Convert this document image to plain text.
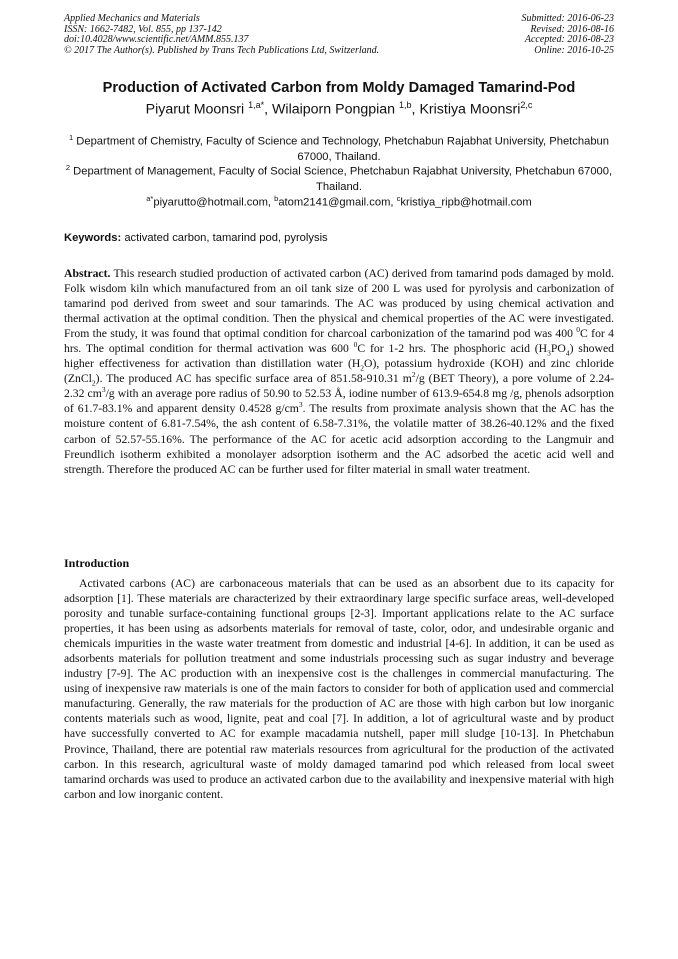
Applied Mechanics and Materials
ISSN: 1662-7482, Vol. 855, pp 137-142
doi:10.4028/www.scientific.net/AMM.855.137
© 2017 The Author(s). Published by Trans Tech Publications Ltd, Switzerland.
Submitted: 2016-06-23
Revised: 2016-08-16
Accepted: 2016-08-23
Online: 2016-10-25
Production of Activated Carbon from Moldy Damaged Tamarind-Pod
Piyarut Moonsri $^{1,a*}$, Wilaiporn Pongpian $^{1,b}$, Kristiya Moonsri$^{2,c}$
$^1$ Department of Chemistry, Faculty of Science and Technology, Phetchabun Rajabhat University, Phetchabun 67000, Thailand.
$^2$ Department of Management, Faculty of Social Science, Phetchabun Rajabhat University, Phetchabun 67000, Thailand.
$^{a*}$piyarutto@hotmail.com, $^b$atom2141@gmail.com, $^c$kristiya_ripb@hotmail.com
Keywords: activated carbon, tamarind pod, pyrolysis
Abstract. This research studied production of activated carbon (AC) derived from tamarind pods damaged by mold. Folk wisdom kiln which manufactured from an oil tank size of 200 L was used for pyrolysis and carbonization of tamarind pod derived from sweet and sour tamarinds. The AC was produced by using chemical activation and thermal activation at the optimal condition. Then the physical and chemical properties of the AC were investigated. From the study, it was found that optimal condition for charcoal carbonization of the tamarind pod was 400 $^0$C for 4 hrs. The optimal condition for thermal activation was 600 $^0$C for 1-2 hrs. The phosphoric acid $(H_3PO_4)$ showed higher effectiveness for activation than distillation water $(H_2O)$, potassium hydroxide (KOH) and zinc chloride (ZnCl$_2$). The produced AC has specific surface area of 851.58-910.31 $m^2/g$ (BET Theory), a pore volume of 2.24-2.32 $cm^3/g$ with an average pore radius of 50.90 to 52.53 Å, iodine number of 613.9-654.8 mg /g, phenols adsorption of 61.7-83.1% and apparent density 0.4528 $g/cm^3$. The results from proximate analysis shown that the AC has the moisture content of 6.81-7.54%, the ash content of 6.58-7.31%, the volatile matter of 38.26-40.12% and the fixed carbon of 52.57-55.16%. The performance of the AC for acetic acid adsorption according to the Langmuir and Freundlich isotherm exhibited a monolayer adsorption isotherm and the AC adsorbed the acetic acid well and strength. Therefore the produced AC can be further used for filter material in small water treatment.
Introduction
Activated carbons (AC) are carbonaceous materials that can be used as an absorbent due to its capacity for adsorption [1]. These materials are characterized by their extraordinary large specific surface areas, well-developed porosity and tunable surface-containing functional groups [2-3]. Important applications relate to the AC surface properties, it has been using as adsorbents materials for removal of taste, color, odor, and undesirable organic and chemicals impurities in the waste water treatment from domestic and industrial [4-6]. In addition, it can be used as adsorbents materials for pollution treatment and some industrials processing such as sugar industry and beverage industry [7-9]. The AC production with an inexpensive cost is the challenges in commercial manufacturing. The using of inexpensive raw materials is one of the main factors to consider for both of application used and commercial manufacturing. Generally, the raw materials for the production of AC are those with high carbon but low inorganic contents materials such as wood, lignite, peat and coal [7]. In addition, a lot of agricultural waste and by product have successfully converted to AC for example macadamia nutshell, paper mill sludge [10-13]. In Phetchabun Province, Thailand, there are potential raw materials resources from agricultural for the production of the activated carbon. In this research, agricultural waste of moldy damaged tamarind pod which released from local sweet tamarind orchards was used to produce an activated carbon due to the availability and inexpensive material with high carbon and low inorganic content.
